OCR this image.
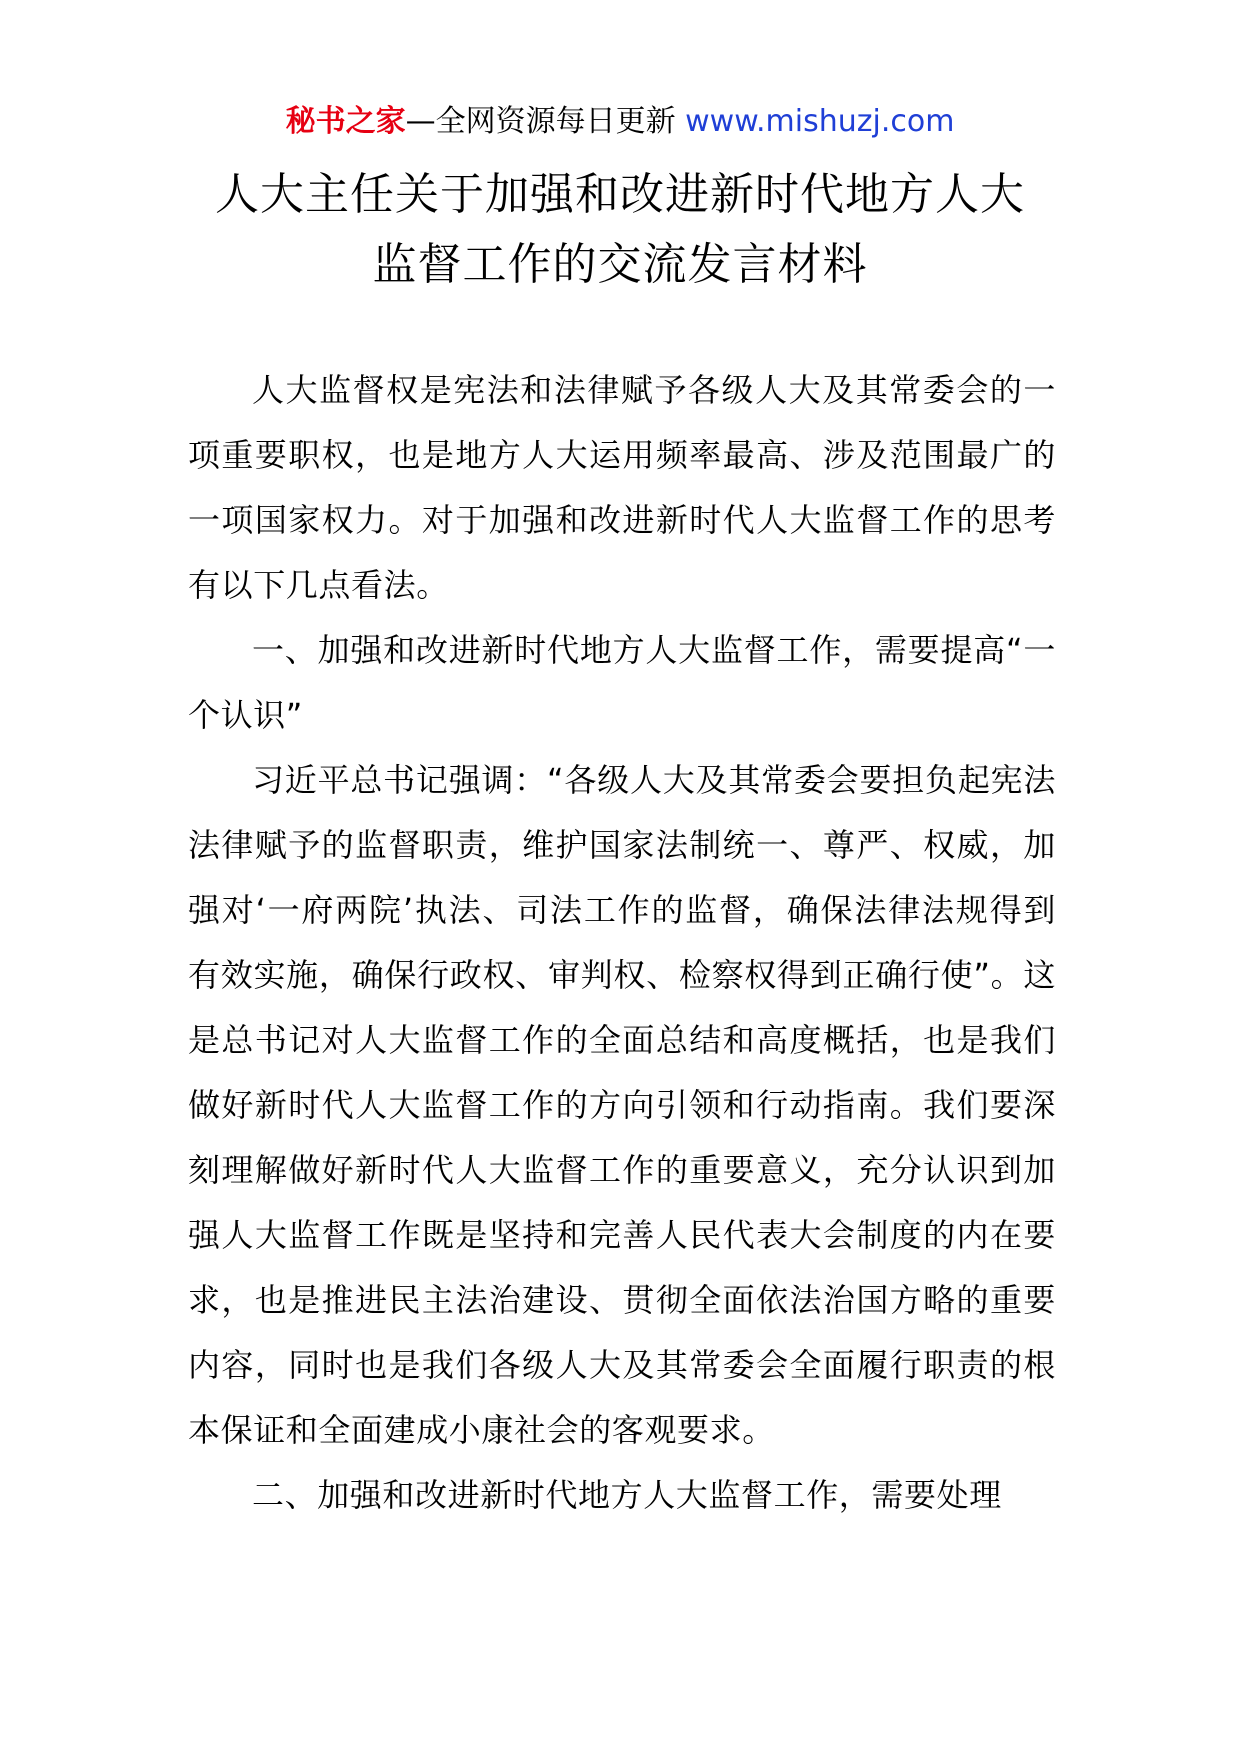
秘书之家—全网资源每日更新 www.mishuzj.com
人大主任关于加强和改进新时代地方人大
监督工作的交流发言材料

人大监督权是宪法和法律赋予各级人大及其常委会的一项重要职权，也是地方人大运用频率最高、涉及范围最广的一项国家权力。对于加强和改进新时代人大监督工作的思考有以下几点看法。

一、加强和改进新时代地方人大监督工作，需要提高“一个认识”

习近平总书记强调：“各级人大及其常委会要担负起宪法法律赋予的监督职责，维护国家法制统一、尊严、权威，加强对‘一府两院’执法、司法工作的监督，确保法律法规得到有效实施，确保行政权、审判权、检察权得到正确行使”。这是总书记对人大监督工作的全面总结和高度概括，也是我们做好新时代人大监督工作的方向引领和行动指南。我们要深刻理解做好新时代人大监督工作的重要意义，充分认识到加强人大监督工作既是坚持和完善人民代表大会制度的内在要求，也是推进民主法治建设、贯彻全面依法治国方略的重要内容，同时也是我们各级人大及其常委会全面履行职责的根本保证和全面建成小康社会的客观要求。

二、加强和改进新时代地方人大监督工作，需要处理
